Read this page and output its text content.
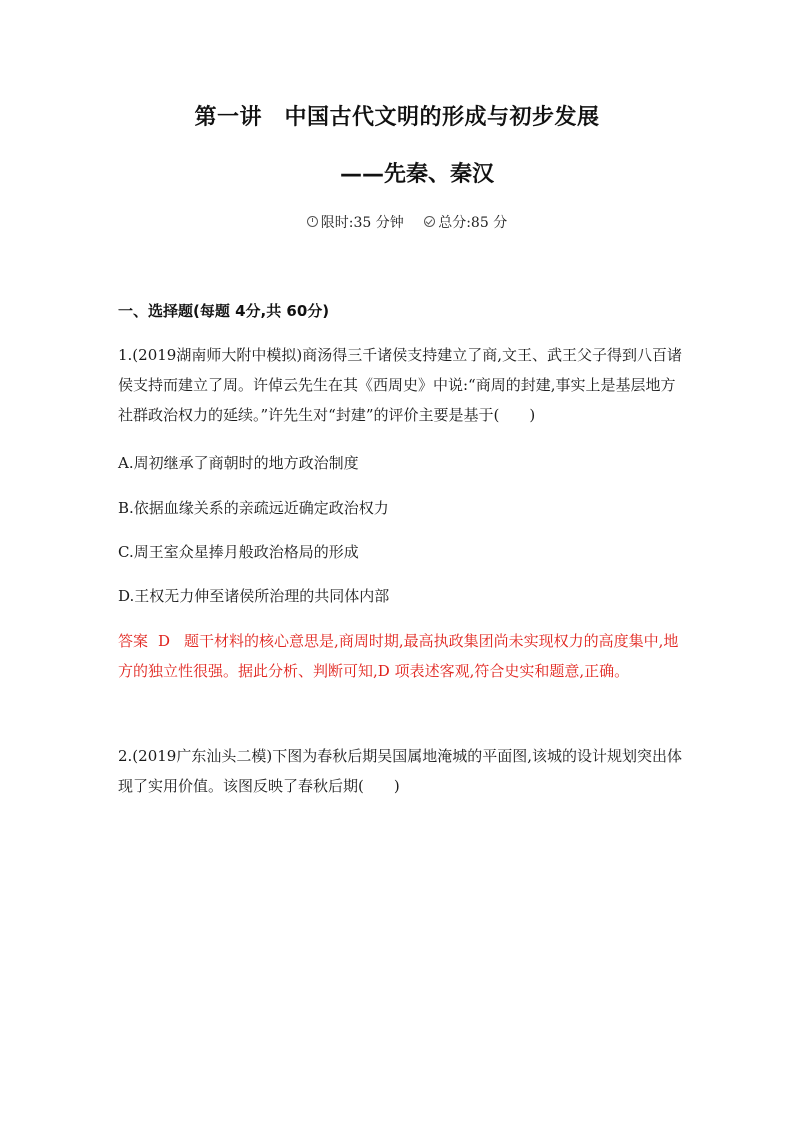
第一讲　中国古代文明的形成与初步发展
——先秦、秦汉
限时:35 分钟 总分:85 分
一、选择题(每题 4分,共 60分)
1.(2019湖南师大附中模拟)商汤得三千诸侯支持建立了商,文王、武王父子得到八百诸侯支持而建立了周。许倬云先生在其《西周史》中说:“商周的封建,事实上是基层地方社群政治权力的延续。”许先生对“封建”的评价主要是基于(　　)
A.周初继承了商朝时的地方政治制度
B.依据血缘关系的亲疏远近确定政治权力
C.周王室众星捧月般政治格局的形成
D.王权无力伸至诸侯所治理的共同体内部
答案 D 题干材料的核心意思是,商周时期,最高执政集团尚未实现权力的高度集中,地方的独立性很强。据此分析、判断可知,D 项表述客观,符合史实和题意,正确。
2.(2019广东汕头二模)下图为春秋后期吴国属地淹城的平面图,该城的设计规划突出体现了实用价值。该图反映了春秋后期(　　)
